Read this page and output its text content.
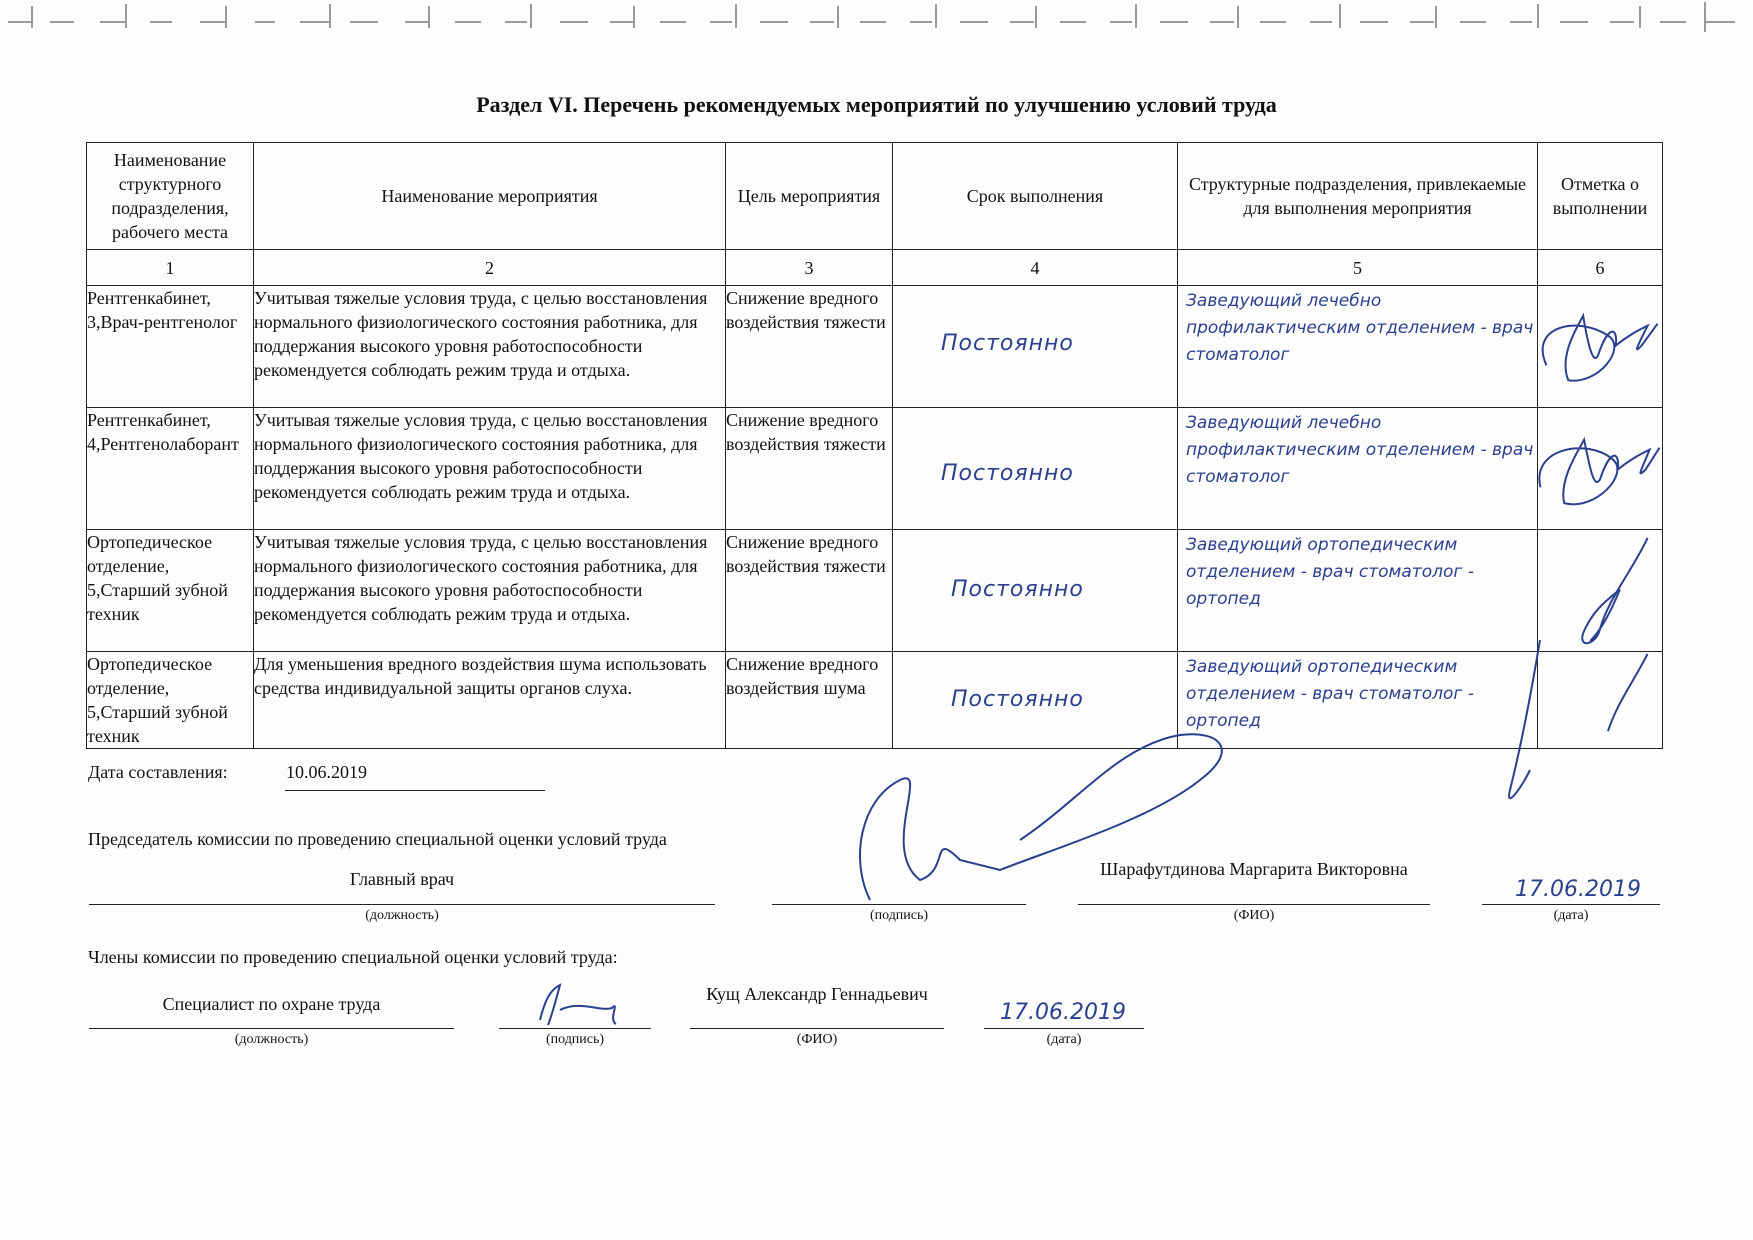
Раздел VI. Перечень рекомендуемых мероприятий по улучшению условий труда
Наименование структурного подразделения, рабочего места	Наименование мероприятия	Цель мероприятия	Срок выполнения	Структурные подразделения, привлекаемые для выполнения мероприятия	Отметка о выполнении
1	2	3	4	5	6
Рентгенкабинет, 3,Врач-рентгенолог	Учитывая тяжелые условия труда, с целью восстановления нормального физиологического состояния работника, для поддержания высокого уровня работоспособности рекомендуется соблюдать режим труда и отдыха.	Снижение вредного воздействия тяжести	Постоянно	Заведующий лечебно профилактическим отделением - врач стоматолог

Рентгенкабинет, 4,Рентгенолаборант	Учитывая тяжелые условия труда, с целью восстановления нормального физиологического состояния работника, для поддержания высокого уровня работоспособности рекомендуется соблюдать режим труда и отдыха.	Снижение вредного воздействия тяжести	Постоянно	Заведующий лечебно профилактическим отделением - врач стоматолог

Ортопедическое отделение, 5,Старший зубной техник	Учитывая тяжелые условия труда, с целью восстановления нормального физиологического состояния работника, для поддержания высокого уровня работоспособности рекомендуется соблюдать режим труда и отдыха.	Снижение вредного воздействия тяжести	Постоянно	Заведующий ортопедическим отделением - врач стоматолог - ортопед

Ортопедическое отделение, 5,Старший зубной техник	Для уменьшения вредного воздействия шума использовать средства индивидуальной защиты органов слуха.	Снижение вредного воздействия шума	Постоянно	Заведующий ортопедическим отделением - врач стоматолог - ортопед

Дата составления:	10.06.2019
Председатель комиссии по проведению специальной оценки условий труда
Главный врач
(должность)	(подпись)
Шарафутдинова Маргарита Викторовна
(ФИО)
17.06.2019
(дата)
Члены комиссии по проведению специальной оценки условий труда:
Специалист по охране труда
(должность)	(подпись)
Кущ Александр Геннадьевич
(ФИО)
17.06.2019
(дата)
